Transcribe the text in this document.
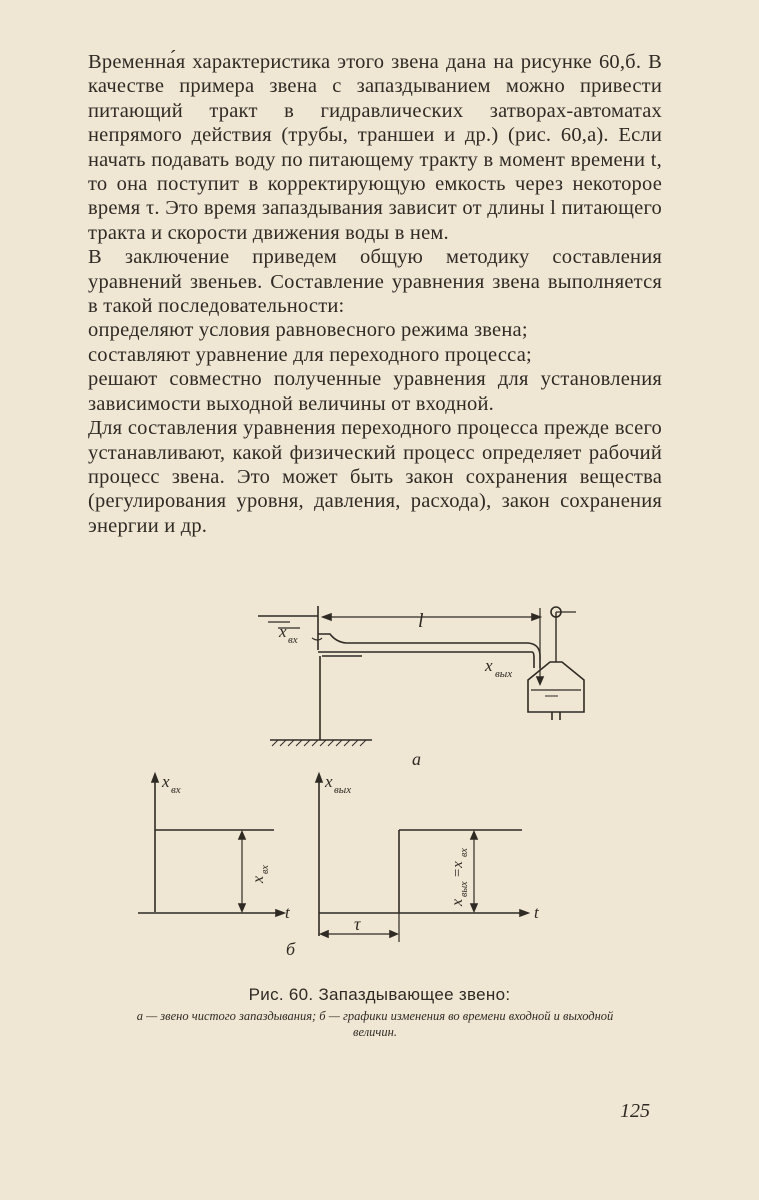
Временна́я характеристика этого звена дана на рисунке 60,б. В качестве примера звена с запаздыванием можно привести питающий тракт в гидравлических затворах-автоматах непрямого действия (трубы, траншеи и др.) (рис. 60,а). Если начать подавать воду по питающему тракту в момент времени t, то она поступит в корректирующую емкость через некоторое время τ. Это время запаздывания зависит от длины l питающего тракта и скорости движения воды в нем.

В заключение приведем общую методику составления уравнений звеньев. Составление уравнения звена выполняется в такой последовательности:

определяют условия равновесного режима звена;

составляют уравнение для переходного процесса;

решают совместно полученные уравнения для установления зависимости выходной величины от входной.

Для составления уравнения переходного процесса прежде всего устанавливают, какой физический процесс определяет рабочий процесс звена. Это может быть закон сохранения вещества (регулирования уровня, давления, расхода), закон сохранения энергии и др.

l
x вх
x вых
а
x вх
t
x
вх
x вых
t
x
вых
=x
вх
τ
б
Рис. 60. Запаздывающее звено:
а — звено чистого запаздывания; б — графики изменения во времени входной и выходной величин.
125
